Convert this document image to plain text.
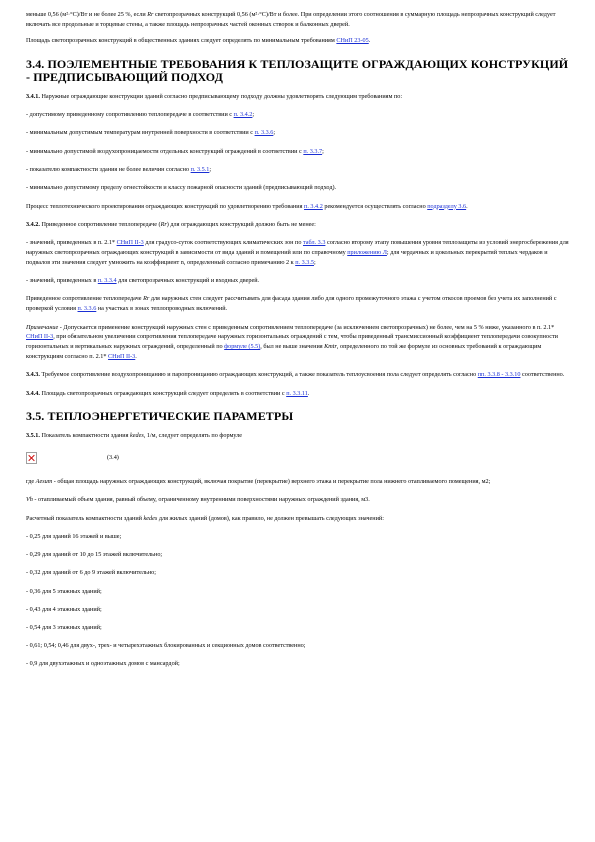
меньше 0,56 (м²·°С)/Вт и не более 25 %, если Rr светопрозрачных конструкций 0,56 (м²·°С)/Вт и более. При определении этого соотношения в суммарную площадь непрозрачных конструкций следует включать все продольные и торцевые стены, а также площадь непрозрачных частей оконных створок и балконных дверей.

Площадь светопрозрачных конструкций в общественных зданиях следует определять по минимальным требованиям СНиП 23-05.

3.4. ПОЭЛЕМЕНТНЫЕ ТРЕБОВАНИЯ К ТЕПЛОЗАЩИТЕ ОГРАЖДАЮЩИХ КОНСТРУКЦИЙ - ПРЕДПИСЫВАЮЩИЙ ПОДХОД

3.4.1. Наружные ограждающие конструкции зданий согласно предписывающему подходу должны удовлетворять следующим требованиям по:

- допустимому приведенному сопротивлению теплопередаче в соответствии с п. 3.4.2;

- минимальным допустимым температурам внутренней поверхности в соответствии с п. 3.3.6;

- минимально допустимой воздухопроницаемости отдельных конструкций ограждений в соответствии с п. 3.3.7;

- показателю компактности здания не более величин согласно п. 3.5.1;

- минимально допустимому пределу огнестойкости и классу пожарной опасности зданий (предписывающий подход).

Процесс теплотехнического проектирования ограждающих конструкций по удовлетворению требования п. 3.4.2 рекомендуется осуществлять согласно подразделу 3.6.

3.4.2. Приведенное сопротивление теплопередаче (Rr) для ограждающих конструкций должно быть не менее:

- значений, приведенных в п. 2.1* СНиП II-3 для градусо-суток соответствующих климатических зон по табл. 3.3 согласно второму этапу повышения уровня теплозащиты из условий энергосбережения для наружных светопрозрачных ограждающих конструкций в зависимости от вида зданий и помещений или по справочному приложению Л; для чердачных и цокольных перекрытий теплых чердаков и подвалов эти значения следует умножить на коэффициент n, определенный согласно примечанию 2 к п. 3.3.5;

- значений, приведенных в п. 3.3.4 для светопрозрачных конструкций и входных дверей.

Приведенное сопротивление теплопередаче Rr для наружных стен следует рассчитывать для фасада здания либо для одного промежуточного этажа с учетом откосов проемов без учета их заполнений с проверкой условия п. 3.3.6 на участках в зонах теплопроводных включений.

Примечание - Допускается применение конструкций наружных стен с приведенным сопротивлением теплопередаче (за исключением светопрозрачных) не более, чем на 5 % ниже, указанного в п. 2.1* СНиП II-3, при обязательном увеличении сопротивления теплопередаче наружных горизонтальных ограждений с тем, чтобы приведенный трансмиссионный коэффициент теплопередачи совокупности горизонтальных и вертикальных наружных ограждений, определенный по формуле (5.5), был не выше значения Kmtr, определенного по той же формуле из основных требований к ограждающим конструкциям согласно п. 2.1* СНиП II-3.

3.4.3. Требуемое сопротивление воздухопроницанию и паропроницанию ограждающих конструкций, а также показатель теплоусвоения пола следует определять согласно пп. 3.3.8 - 3.3.10 соответственно.

3.4.4. Площадь светопрозрачных ограждающих конструкций следует определять в соответствии с п. 3.3.11.

3.5. ТЕПЛОЭНЕРГЕТИЧЕСКИЕ ПАРАМЕТРЫ

3.5.1. Показатель компактности здания kedes, 1/м, следует определять по формуле

(3.4)

где Aesum - общая площадь наружных ограждающих конструкций, включая покрытие (перекрытие) верхнего этажа и перекрытие пола нижнего отапливаемого помещения, м2;

Vh - отапливаемый объем здания, равный объему, ограниченному внутренними поверхностями наружных ограждений здания, м3.

Расчетный показатель компактности зданий kedes для жилых зданий (домов), как правило, не должен превышать следующих значений:

- 0,25 для зданий 16 этажей и выше;

- 0,29 для зданий от 10 до 15 этажей включительно;

- 0,32 для зданий от 6 до 9 этажей включительно;

- 0,36 для 5 этажных зданий;

- 0,43 для 4 этажных зданий;

- 0,54 для 3 этажных зданий;

- 0,61; 0,54; 0,46 для двух-, трех- и четырехэтажных блокированных и секционных домов соответственно;

- 0,9 для двухэтажных и одноэтажных домов с мансардой;
